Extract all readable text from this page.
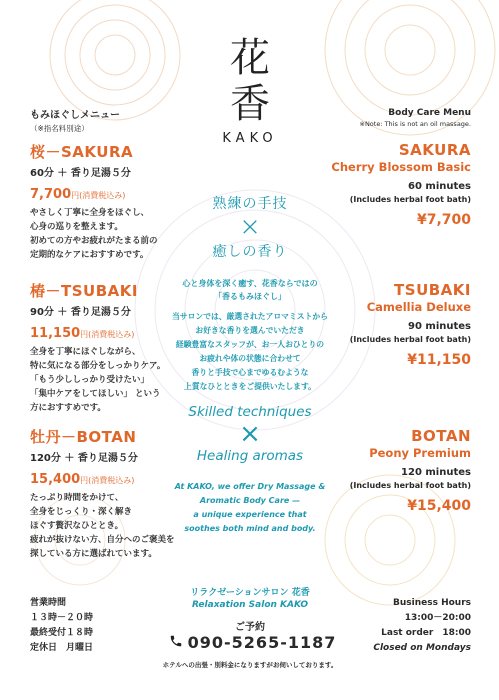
花
香
KAKO
もみほぐしメニュー
（※指名料別途）
Body Care Menu
※Note: This is not an oil massage.
桜－SAKURA
60分 ＋ 香り足湯５分
7,700円(消費税込み)

やさしく丁寧に全身をほぐし、

心身の巡りを整えます。

初めての方やお疲れがたまる前の

定期的なケアにおすすめです。

椿－TSUBAKI
90分 ＋ 香り足湯５分
11,150円(消費税込み)

全身を丁寧にほぐしながら、

特に気になる部分をしっかりケア。

「もう少ししっかり受けたい」

「集中ケアをしてほしい」 という

方におすすめです。

牡丹－BOTAN
120分 ＋ 香り足湯５分
15,400円(消費税込み)

たっぷり時間をかけて、

全身をじっくり・深く解き

ほぐす贅沢なひととき。

疲れが抜けない方、自分へのご褒美を

探している方に選ばれています。

SAKURA
Cherry Blossom Basic
60 minutes
(Includes herbal foot bath)
¥7,700
TSUBAKI
Camellia Deluxe
90 minutes
(Includes herbal foot bath)
¥11,150
BOTAN
Peony Premium
120 minutes
(Includes herbal foot bath)
¥15,400
熟練の手技
×
癒しの香り
心と身体を深く癒す、花香ならではの
「香るもみほぐし」
当サロンでは、厳選されたアロマミストから
お好きな香りを選んでいただき
経験豊富なスタッフが、お一人おひとりの
お疲れや体の状態に合わせて
香りと手技で心までゆるむような
上質なひとときをご提供いたします。
Skilled techniques
×
Healing aromas
At KAKO, we offer Dry Massage &
Aromatic Body Care —
a unique experience that
soothes both mind and body.
営業時間
１３時－２０時
最終受付１８時
定休日　月曜日
リラクゼーションサロン 花香
Relaxation Salon KAKO
ご予約
090-5265-1187
ホテルへの出張・別料金になりますがお伺いしております。
Business Hours
13:00－20:00
Last order　18:00
Closed on Mondays
